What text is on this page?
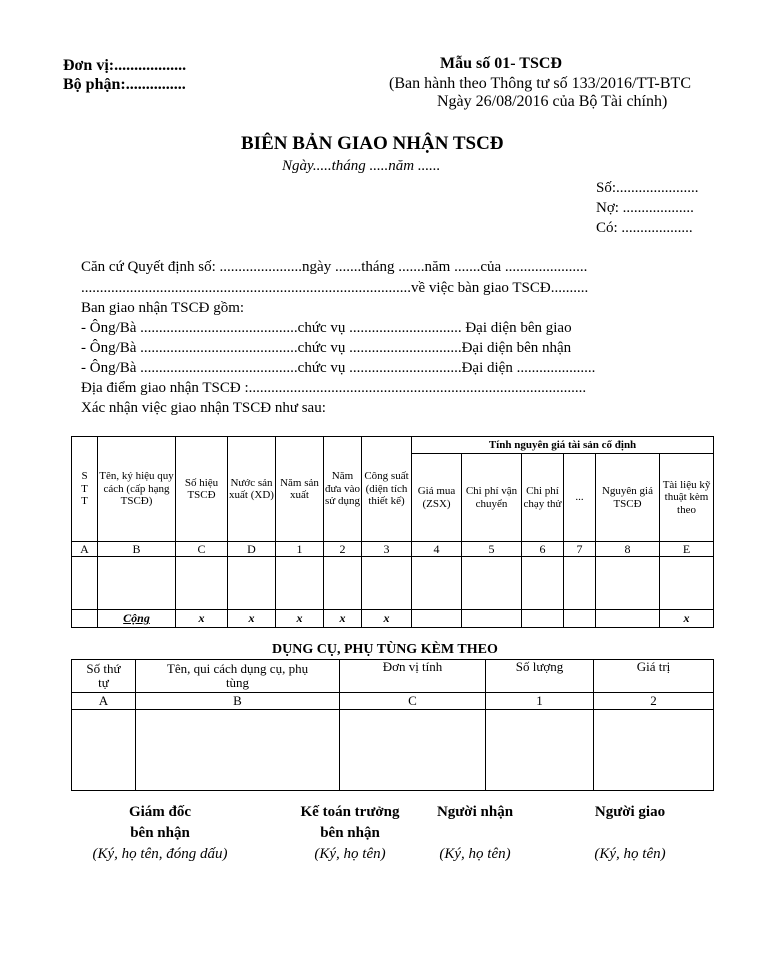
Đơn vị:..................
Bộ phận:...............
Mẫu số 01- TSCĐ
(Ban hành theo Thông tư số 133/2016/TT-BTC
Ngày 26/08/2016 của Bộ Tài chính)
BIÊN BẢN GIAO NHẬN TSCĐ
Ngày.....tháng .....năm ......
Số:......................
Nợ: ...................
Có: ...................
Căn cứ Quyết định số: ......................ngày .......tháng .......năm .......của ......................
........................................................................................về việc bàn giao TSCĐ..........
Ban giao nhận TSCĐ gồm:
- Ông/Bà ..........................................chức vụ .............................. Đại diện bên giao
- Ông/Bà ..........................................chức vụ ..............................Đại diện bên nhận
- Ông/Bà ..........................................chức vụ ..............................Đại diện .....................
Địa điểm giao nhận TSCĐ :..........................................................................................
Xác nhận việc giao nhận TSCĐ như sau:
S T T	Tên, ký hiệu quy cách (cấp hạng TSCĐ)	Số hiệu TSCĐ	Nước sản xuất (XD)	Năm sản xuất	Năm đưa vào sử dụng	Công suất (diện tích thiết kế)	Tính nguyên giá tài sản cố định					
							Giá mua (ZSX)	Chi phí vận chuyển	Chi phí chạy thử	...	Nguyên giá TSCĐ	Tài liệu kỹ thuật kèm theo
A	B	C	D	1	2	3	4	5	6	7	8	E

	Cộng	x	x	x	x	x						x
DỤNG CỤ, PHỤ TÙNG KÈM THEO
Số thứ tự	Tên, qui cách dụng cụ, phụ tùng	Đơn vị tính	Số lượng	Giá trị
A	B	C	1	2

Giám đốc
bên nhận
(Ký, họ tên, đóng dấu)
Kế toán trưởng
bên nhận
(Ký, họ tên)
Người nhận
(Ký, họ tên)
Người giao
(Ký, họ tên)
